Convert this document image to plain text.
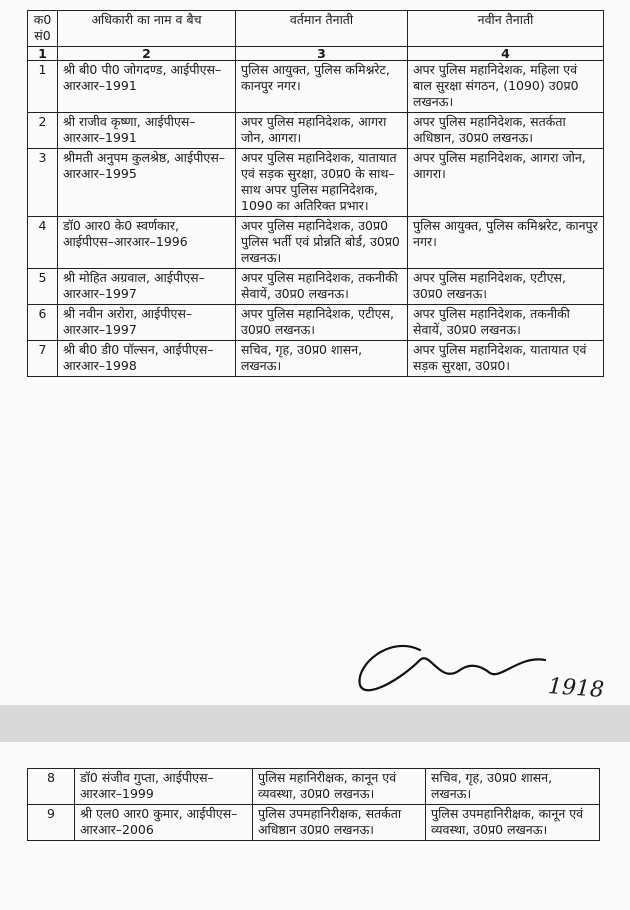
क0 सं0	अधिकारी का नाम व बैच	वर्तमान तैनाती	नवीन तैनाती
1	2	3	4
1	श्री बी0 पी0 जोगदण्ड, आईपीएस–आरआर–1991	पुलिस आयुक्त, पुलिस कमिश्नरेट, कानपुर नगर।	अपर पुलिस महानिदेशक, महिला एवं बाल सुरक्षा संगठन, (1090) उ0प्र0 लखनऊ।
2	श्री राजीव कृष्णा, आईपीएस–आरआर–1991	अपर पुलिस महानिदेशक, आगरा जोन, आगरा।	अपर पुलिस महानिदेशक, सतर्कता अधिष्ठान, उ0प्र0 लखनऊ।
3	श्रीमती अनुपम कुलश्रेष्ठ, आईपीएस–आरआर–1995	अपर पुलिस महानिदेशक, यातायात एवं सड़क सुरक्षा, उ0प्र0 के साथ–साथ अपर पुलिस महानिदेशक, 1090 का अतिरिक्त प्रभार।	अपर पुलिस महानिदेशक, आगरा जोन, आगरा।
4	डॉ0 आर0 के0 स्वर्णकार, आईपीएस–आरआर–1996	अपर पुलिस महानिदेशक, उ0प्र0 पुलिस भर्ती एवं प्रोन्नति बोर्ड, उ0प्र0 लखनऊ।	पुलिस आयुक्त, पुलिस कमिश्नरेट, कानपुर नगर।
5	श्री मोहित अग्रवाल, आईपीएस–आरआर–1997	अपर पुलिस महानिदेशक, तकनीकी सेवायें, उ0प्र0 लखनऊ।	अपर पुलिस महानिदेशक, एटीएस, उ0प्र0 लखनऊ।
6	श्री नवीन अरोरा, आईपीएस–आरआर–1997	अपर पुलिस महानिदेशक, एटीएस, उ0प्र0 लखनऊ।	अपर पुलिस महानिदेशक, तकनीकी सेवायें, उ0प्र0 लखनऊ।
7	श्री बी0 डी0 पॉल्सन, आईपीएस–आरआर–1998	सचिव, गृह, उ0प्र0 शासन, लखनऊ।	अपर पुलिस महानिदेशक, यातायात एवं सड़क सुरक्षा, उ0प्र0।
1918
8	डॉ0 संजीव गुप्ता, आईपीएस–आरआर–1999	पुलिस महानिरीक्षक, कानून एवं व्यवस्था, उ0प्र0 लखनऊ।	सचिव, गृह, उ0प्र0 शासन, लखनऊ।
9	श्री एल0 आर0 कुमार, आईपीएस–आरआर–2006	पुलिस उपमहानिरीक्षक, सतर्कता अधिष्ठान उ0प्र0 लखनऊ।	पुलिस उपमहानिरीक्षक, कानून एवं व्यवस्था, उ0प्र0 लखनऊ।
